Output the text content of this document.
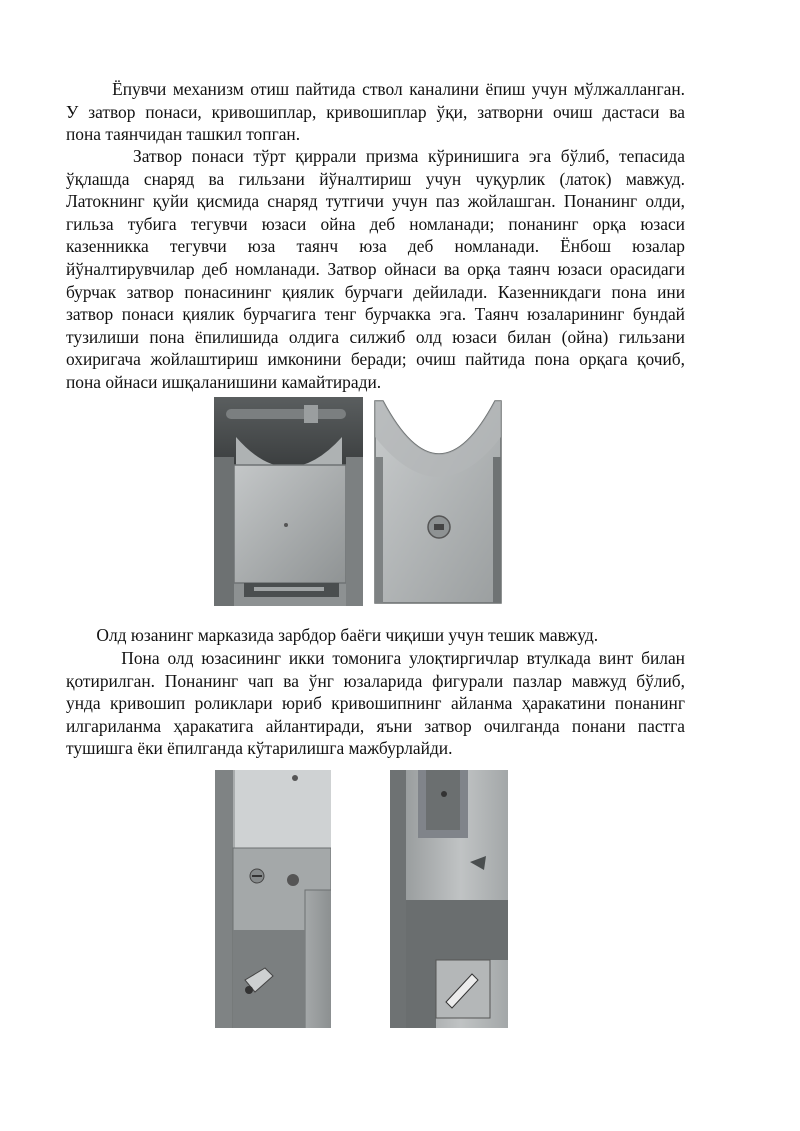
Ёпувчи механизм отиш пайтида ствол каналини ёпиш учун мўлжалланган.
У затвор понаси, кривошиплар, кривошиплар ўқи, затворни очиш дастаси ва
пона таянчидан ташкил топган.
Затвор понаси тўрт қиррали призма кўринишига эга бўлиб, тепасида
ўқлашда снаряд ва гильзани йўналтириш учун чуқурлик (латок) мавжуд.
Латокнинг қуйи қисмида снаряд тутгичи учун паз жойлашган. Понанинг олди,
гильза тубига тегувчи юзаси ойна деб номланади; понанинг орқа юзаси
казенникка тегувчи юза таянч юза деб номланади. Ёнбош юзалар
йўналтирувчилар деб номланади. Затвор ойнаси ва орқа таянч юзаси орасидаги
бурчак затвор понасининг қиялик бурчаги дейилади. Казенникдаги пона ини
затвор понаси қиялик бурчагига тенг бурчакка эга. Таянч юзаларининг бундай
тузилиши пона ёпилишида олдига силжиб олд юзаси билан (ойна) гильзани
охиригача жойлаштириш имконини беради; очиш пайтида пона орқага қочиб,
пона ойнаси ишқаланишини камайтиради.
Олд юзанинг марказида зарбдор баёги чиқиши учун тешик мавжуд.
Пона олд юзасининг икки томонига улоқтиргичлар втулкада винт билан
қотирилган. Понанинг чап ва ўнг юзаларида фигурали пазлар мавжуд бўлиб,
унда кривошип роликлари юриб кривошипнинг айланма ҳаракатини понанинг
илгариланма ҳаракатига айлантиради, яъни затвор очилганда понани пастга
тушишга ёки ёпилганда кўтарилишга мажбурлайди.
